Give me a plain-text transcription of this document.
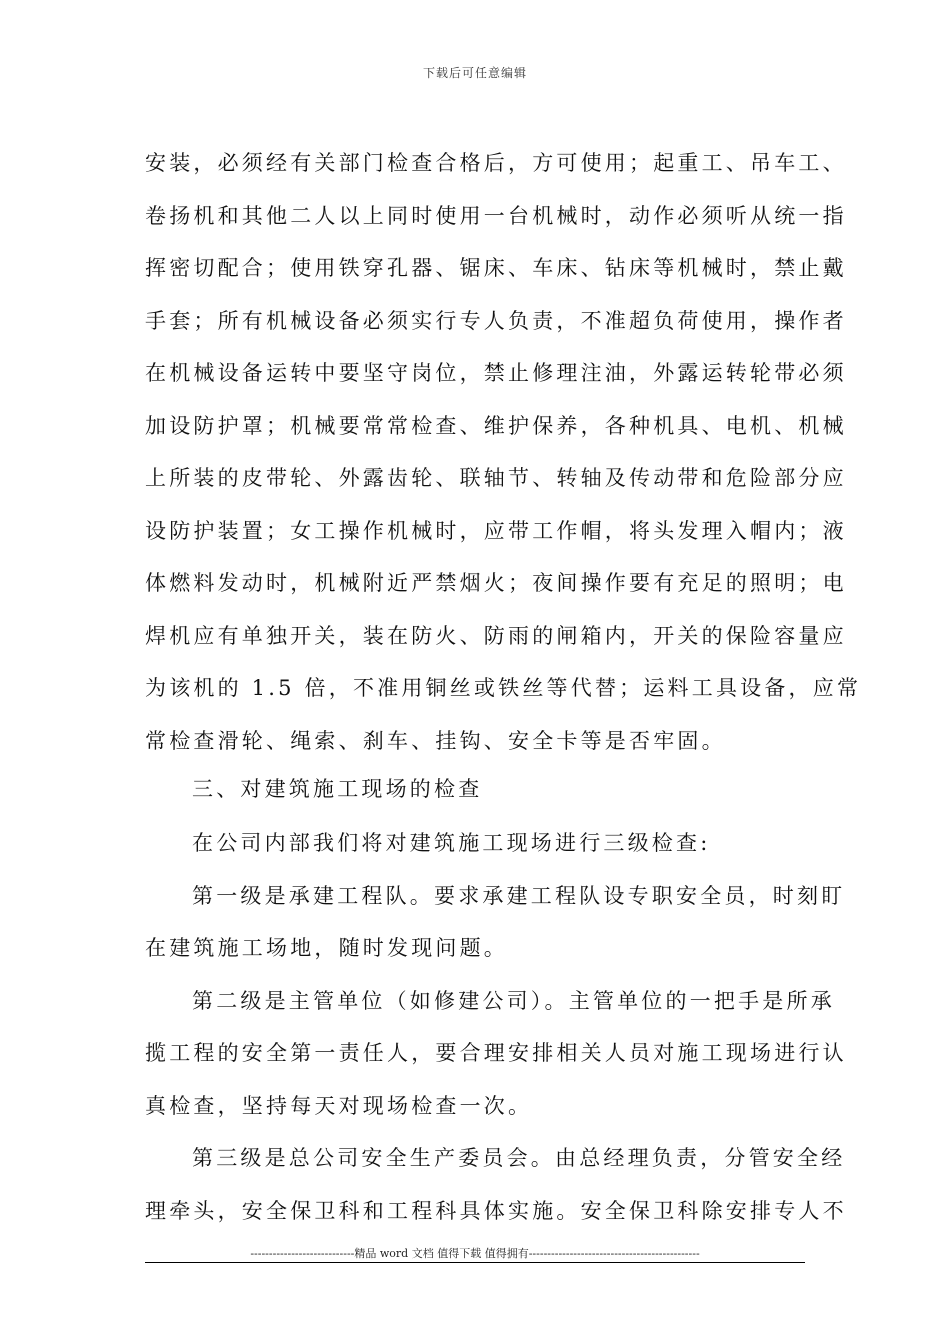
下载后可任意编辑
安装，必须经有关部门检查合格后，方可使用；起重工、吊车工、
卷扬机和其他二人以上同时使用一台机械时，动作必须听从统一指
挥密切配合；使用铁穿孔器、锯床、车床、钻床等机械时，禁止戴
手套；所有机械设备必须实行专人负责，不准超负荷使用，操作者
在机械设备运转中要坚守岗位，禁止修理注油，外露运转轮带必须
加设防护罩；机械要常常检查、维护保养，各种机具、电机、机械
上所装的皮带轮、外露齿轮、联轴节、转轴及传动带和危险部分应
设防护装置；女工操作机械时，应带工作帽，将头发理入帽内；液
体燃料发动时，机械附近严禁烟火；夜间操作要有充足的照明；电
焊机应有单独开关，装在防火、防雨的闸箱内，开关的保险容量应
为该机的 1.5 倍，不准用铜丝或铁丝等代替；运料工具设备，应常
常检查滑轮、绳索、刹车、挂钩、安全卡等是否牢固。
三、对建筑施工现场的检查
在公司内部我们将对建筑施工现场进行三级检查:
第一级是承建工程队。要求承建工程队设专职安全员，时刻盯
在建筑施工场地，随时发现问题。
第二级是主管单位（如修建公司）。主管单位的一把手是所承
揽工程的安全第一责任人，要合理安排相关人员对施工现场进行认
真检查，坚持每天对现场检查一次。
第三级是总公司安全生产委员会。由总经理负责，分管安全经
理牵头，安全保卫科和工程科具体实施。安全保卫科除安排专人不
----------------------------精品 word 文档 值得下载 值得拥有----------------------------------------------
